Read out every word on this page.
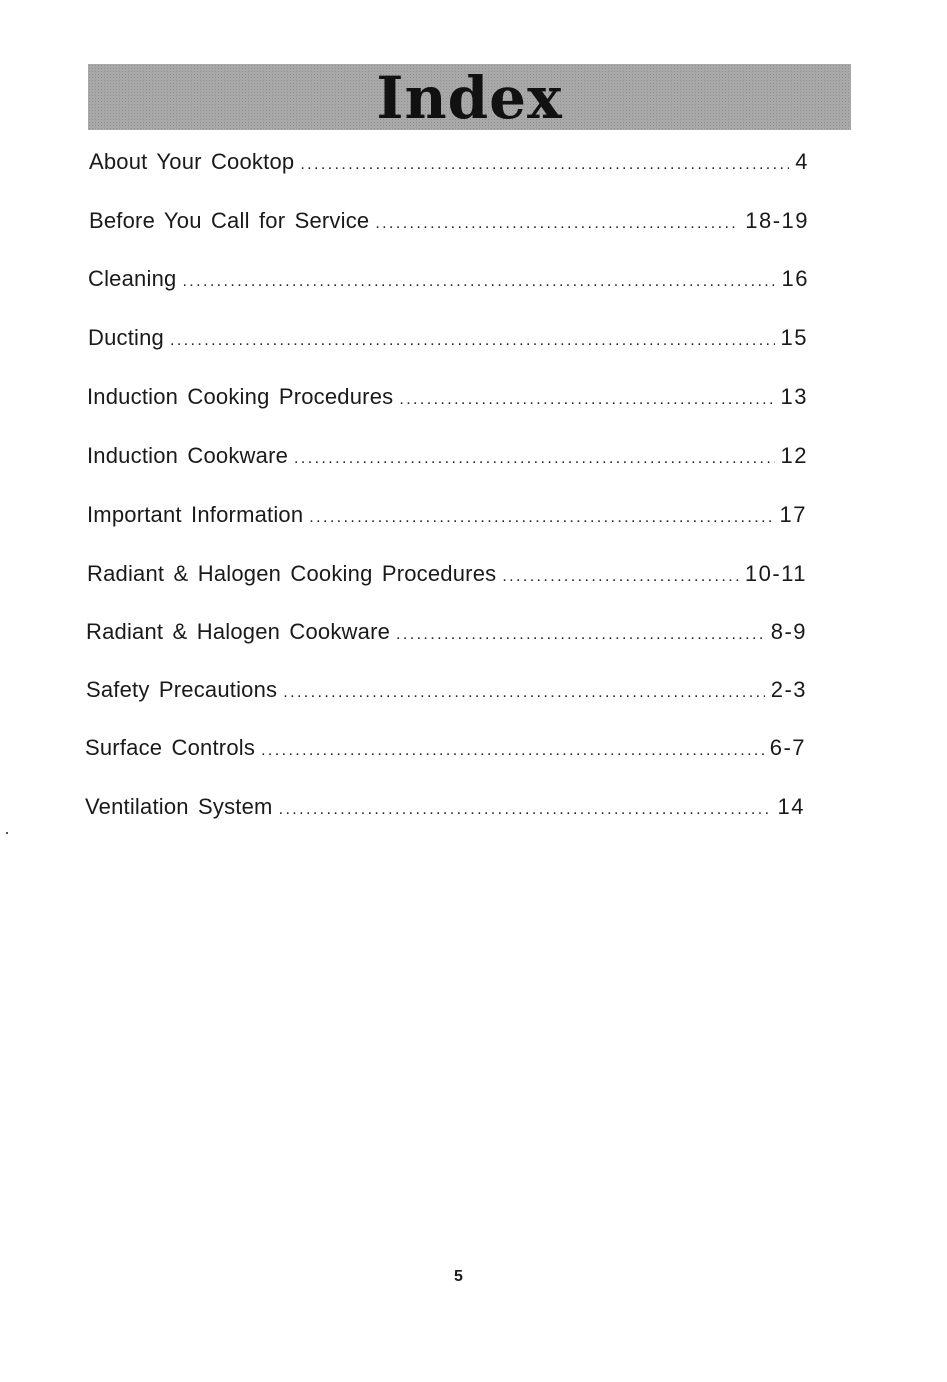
Index
About Your Cooktop .....	4
Before You Call for Service .....	18-19
Cleaning .....	16
Ducting .....	15
Induction Cooking Procedures .....	13
Induction Cookware .....	12
Important Information .....	17
Radiant & Halogen Cooking Procedures .....	10-11
Radiant & Halogen Cookware .....	8-9
Safety Precautions .....	2-3
Surface Controls .....	6-7
Ventilation System .....	14
5
